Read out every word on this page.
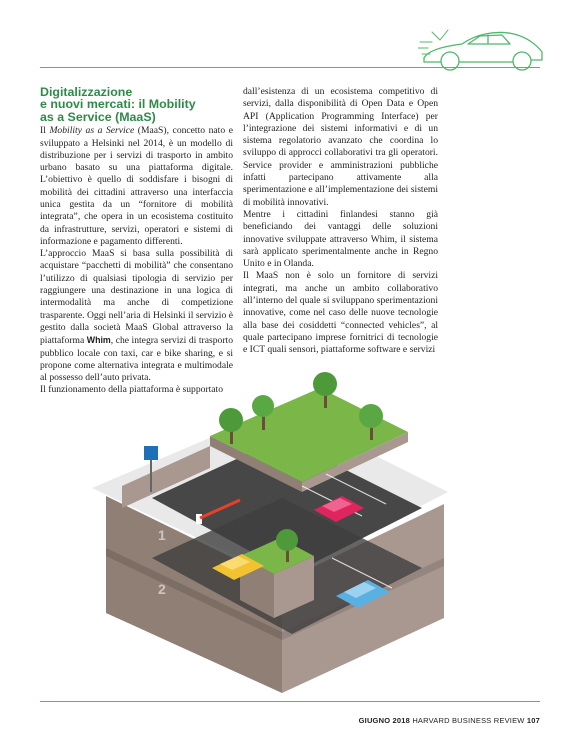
Digitalizzazione
e nuovi mercati: il Mobility
as a Service (MaaS)

Il Mobility as a Service (MaaS), concetto nato e sviluppato a Helsinki nel 2014, è un modello di distribuzione per i servizi di trasporto in ambito urbano basato su una piattaforma digitale. L’obiettivo è quello di soddisfare i bisogni di mobilità dei cittadini attraverso una interfaccia unica gestita da un “fornitore di mobilità integrata”, che opera in un ecosistema costituito da infrastrutture, servizi, operatori e sistemi di informazione e pagamento differenti.

L’approccio MaaS si basa sulla possibilità di acquistare “pacchetti di mobilità” che consentano l’utilizzo di qualsiasi tipologia di servizio per raggiungere una destinazione in una logica di intermodalità ma anche di competizione trasparente. Oggi nell’aria di Helsinki il servizio è gestito dalla società MaaS Global attraverso la piattaforma Whim, che integra servizi di trasporto pubblico locale con taxi, car e bike sharing, e si propone come alternativa integrata e multimodale al possesso dell’auto privata.

Il funzionamento della piattaforma è supportato

dall’esistenza di un ecosistema competitivo di servizi, dalla disponibilità di Open Data e Open API (Application Programming Interface) per l’integrazione dei sistemi informativi e di un sistema regolatorio avanzato che coordina lo sviluppo di approcci collaborativi tra gli operatori. Service provider e amministrazioni pubbliche infatti partecipano attivamente alla sperimentazione e all’implementazione dei sistemi di mobilità innovativi.

Mentre i cittadini finlandesi stanno già beneficiando dei vantaggi delle soluzioni innovative sviluppate attraverso Whim, il sistema sarà applicato sperimentalmente anche in Regno Unito e in Olanda.

Il MaaS non è solo un fornitore di servizi integrati, ma anche un ambito collaborativo all’interno del quale si sviluppano sperimentazioni innovative, come nel caso delle nuove tecnologie alla base dei cosiddetti “connected vehicles”, al quale partecipano imprese fornitrici di tecnologie e ICT quali sensori, piattaforme software e servizi

1
2
GIUGNO 2018 HARVARD BUSINESS REVIEW 107
